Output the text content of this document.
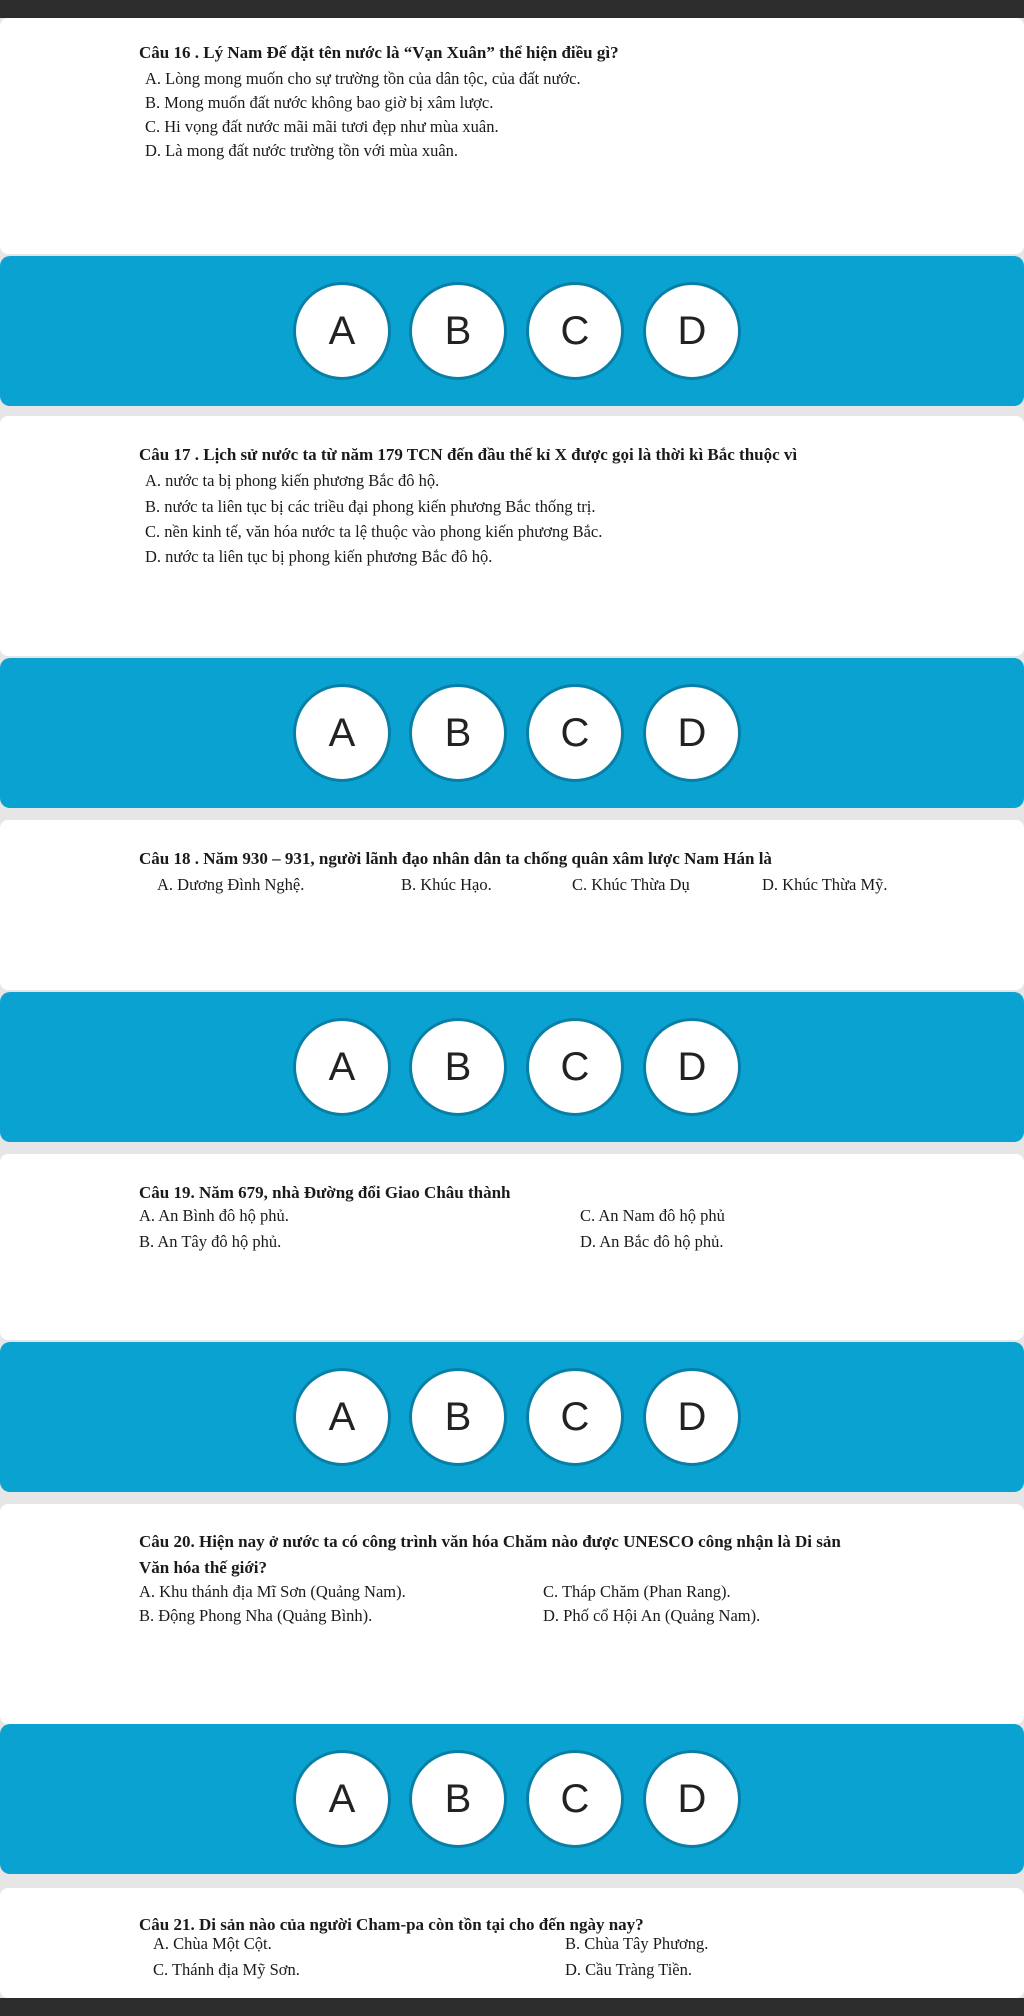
Câu 16 . Lý Nam Đế đặt tên nước là “Vạn Xuân” thể hiện điều gì?
A. Lòng mong muốn cho sự trường tồn của dân tộc, của đất nước.
B. Mong muốn đất nước không bao giờ bị xâm lược.
C. Hi vọng đất nước mãi mãi tươi đẹp như mùa xuân.
D. Là mong đất nước trường tồn với mùa xuân.
A	B	C	D
Câu 17 . Lịch sử nước ta từ năm 179 TCN đến đầu thế kỉ X được gọi là thời kì Bắc thuộc vì
A. nước ta bị phong kiến phương Bắc đô hộ.
B. nước ta liên tục bị các triều đại phong kiến phương Bắc thống trị.
C. nền kinh tế, văn hóa nước ta lệ thuộc vào phong kiến phương Bắc.
D. nước ta liên tục bị phong kiến phương Bắc đô hộ.
A	B	C	D
Câu 18 . Năm 930 – 931, người lãnh đạo nhân dân ta chống quân xâm lược Nam Hán là
A. Dương Đình Nghệ.	B. Khúc Hạo.	C. Khúc Thừa Dụ	D. Khúc Thừa Mỹ.
A	B	C	D
Câu 19. Năm 679, nhà Đường đổi Giao Châu thành
A. An Bình đô hộ phủ.	C. An Nam đô hộ phủ
B. An Tây đô hộ phủ.	D. An Bắc đô hộ phủ.
A	B	C	D
Câu 20. Hiện nay ở nước ta có công trình văn hóa Chăm nào được UNESCO công nhận là Di sản
Văn hóa thế giới?
A. Khu thánh địa Mĩ Sơn (Quảng Nam).	C. Tháp Chăm (Phan Rang).
B. Động Phong Nha (Quảng Bình).	D. Phố cổ Hội An (Quảng Nam).
A	B	C	D
Câu 21. Di sản nào của người Cham-pa còn tồn tại cho đến ngày nay?
A. Chùa Một Cột.	B. Chùa Tây Phương.
C. Thánh địa Mỹ Sơn.	D. Cầu Tràng Tiền.
